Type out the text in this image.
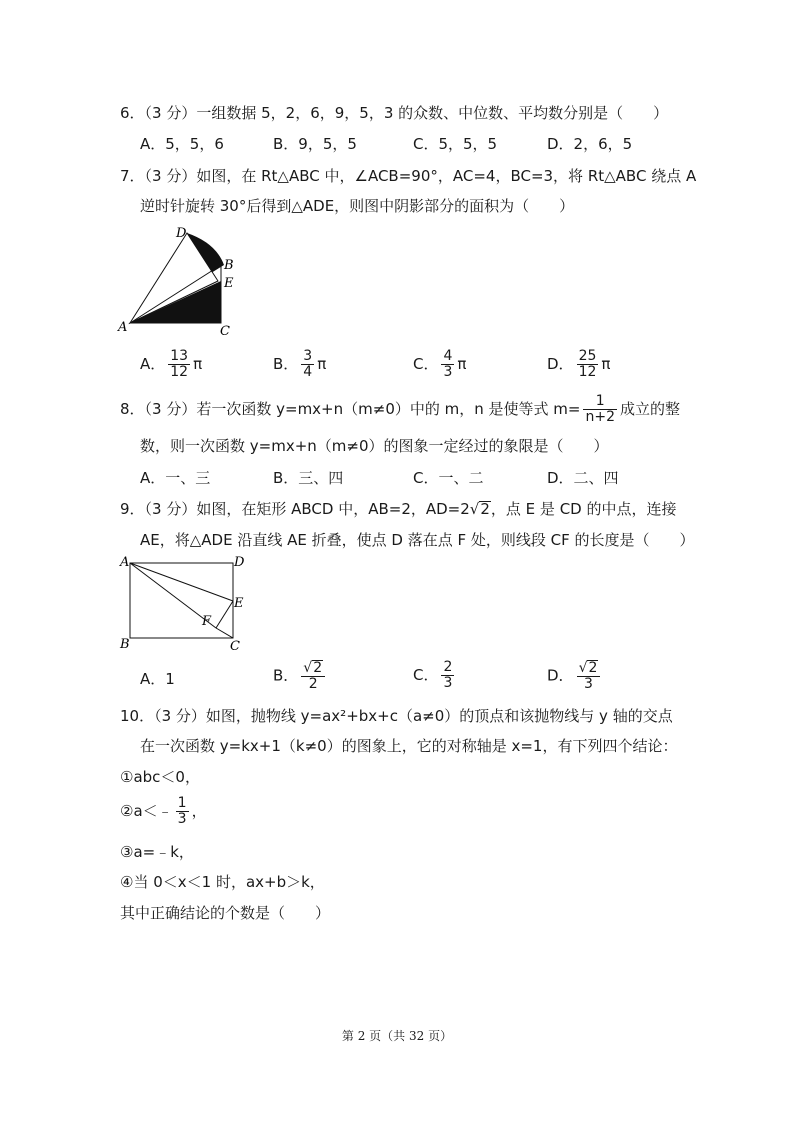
6．（3 分）一组数据 5，2，6，9，5，3 的众数、中位数、平均数分别是（　　）
A．5，5，6	B．9，5，5	C．5，5，5	D．2，6，5
7．（3 分）如图，在 Rt△ABC 中，∠ACB=90°，AC=4，BC=3，将 Rt△ABC 绕点 A
逆时针旋转 30°后得到△ADE，则图中阴影部分的面积为（　　）
D
B
E
A	C
A． $\frac{13}{12}$ π	B． $\frac{3}{4}$ π	C． $\frac{4}{3}$ π	D． $\frac{25}{12}$ π
8．（3 分）若一次函数 y=mx+n（m≠0）中的 m，n 是使等式 $m= \frac{1}{n+2}$ 成立的整
数，则一次函数 y=mx+n（m≠0）的图象一定经过的象限是（　　）
A．一、三	B．三、四	C．一、二	D．二、四
9．（3 分）如图，在矩形 ABCD 中，AB=2，AD=2√2，点 E 是 CD 的中点，连接
AE，将△ADE 沿直线 AE 折叠，使点 D 落在点 F 处，则线段 CF 的长度是（　　）
A	D
E
F
B	C
A．1	B． $\frac{√2}{2}$	C． $\frac{2}{3}$	D． $\frac{√2}{3}$
10．（3 分）如图，抛物线 y=ax²+bx+c（a≠0）的顶点和该抛物线与 y 轴的交点
在一次函数 y=kx+1（k≠0）的图象上，它的对称轴是 x=1，有下列四个结论：
①abc＜0，
②a＜﹣ $\frac{1}{3}$ ，
③a=﹣k，
④当 0＜x＜1 时，ax+b＞k，
其中正确结论的个数是（　　）
第 2 页（共 32 页）
